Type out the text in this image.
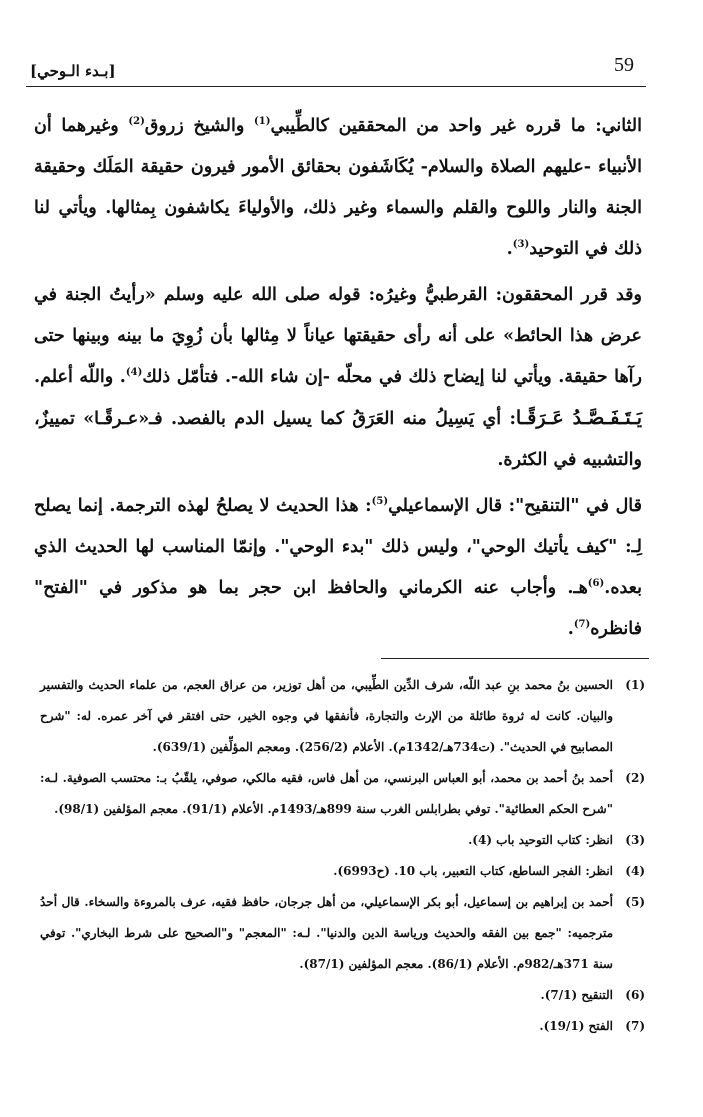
59
[بـدء الـوحي]

الثاني: ما قرره غير واحد من المحققين كالطِّيبي$^{(1)}$ والشيخ زروق$^{(2)}$ وغيرهما أن الأنبياء -عليهم الصلاة والسلام- يُكَاشَفون بحقائق الأمور فيرون حقيقة المَلَك وحقيقة الجنة والنار واللوح والقلم والسماء وغير ذلك، والأولياءَ يكاشفون بِمثالها. ويأتي لنا ذلك في التوحيد$^{(3)}$.

وقد قرر المحققون: القرطبيُّ وغيرُه: قوله صلى الله عليه وسلم «رأيتُ الجنة في عرض هذا الحائط» على أنه رأى حقيقتها عياناً لا مِثالها بأن زُوِيَ ما بينه وبينها حتى رآها حقيقة. ويأتي لنا إيضاح ذلك في محلّه -إن شاء الله-. فتأمّل ذلك$^{(4)}$. واللّه أعلم. يَـتَـفَـصَّـدُ عَـرَقًـا: أي يَسِيلُ منه العَرَقُ كما يسيل الدم بالفصد. فـ«عـرقًـا» تمييزٌ، والتشبيه في الكثرة.

قال في "التنقيح": قال الإسماعيلي$^{(5)}$: هذا الحديث لا يصلحُ لهذه الترجمة. إنما يصلح لِـ: "كيف يأتيك الوحي"، وليس ذلك "بدء الوحي". وإنمّا المناسب لها الحديث الذي بعده.$^{(6)}$هـ. وأجاب عنه الكرماني والحافظ ابن حجر بما هو مذكور في "الفتح" فانظره$^{(7)}$.

(1)
الحسين بنُ محمد بنِ عبد اللّه، شرف الدِّين الطِّيبي، من أهل توزير، من عراق العجم، من علماء الحديث والتفسير والبيان. كانت له ثروة طائلة من الإرث والتجارة، فأنفقها في وجوه الخير، حتى افتقر في آخر عمره. له: "شرح المصابيح في الحديث". (ت734هـ/1342م). الأعلام (256/2). ومعجم المؤلِّفين (639/1).
(2)
أحمد بنُ أحمد بن محمد، أبو العباس البرنسي، من أهل فاس، فقيه مالكي، صوفي، يلقّبُ بـ: محتسب الصوفية. لـه: "شرح الحكم العطائية". توفي بطرابلس الغرب سنة 899هـ/1493م. الأعلام (91/1). معجم المؤلفين (98/1).
(3)
انظر: كتاب التوحيد باب (4).
(4)
انظر: الفجر الساطع، كتاب التعبير، باب 10. (ح6993).
(5)
أحمد بن إبراهيم بن إسماعيل، أبو بكر الإسماعيلي، من أهل جرجان، حافظ فقيه، عرف بالمروءة والسخاء. قال أحدُ مترجميه: "جمع بين الفقه والحديث ورياسة الدين والدنيا". لـه: "المعجم" و"الصحيح على شرط البخاري". توفي سنة 371هـ/982م. الأعلام (86/1). معجم المؤلفين (87/1).
(6)
التنقيح (7/1).
(7)
الفتح (19/1).
